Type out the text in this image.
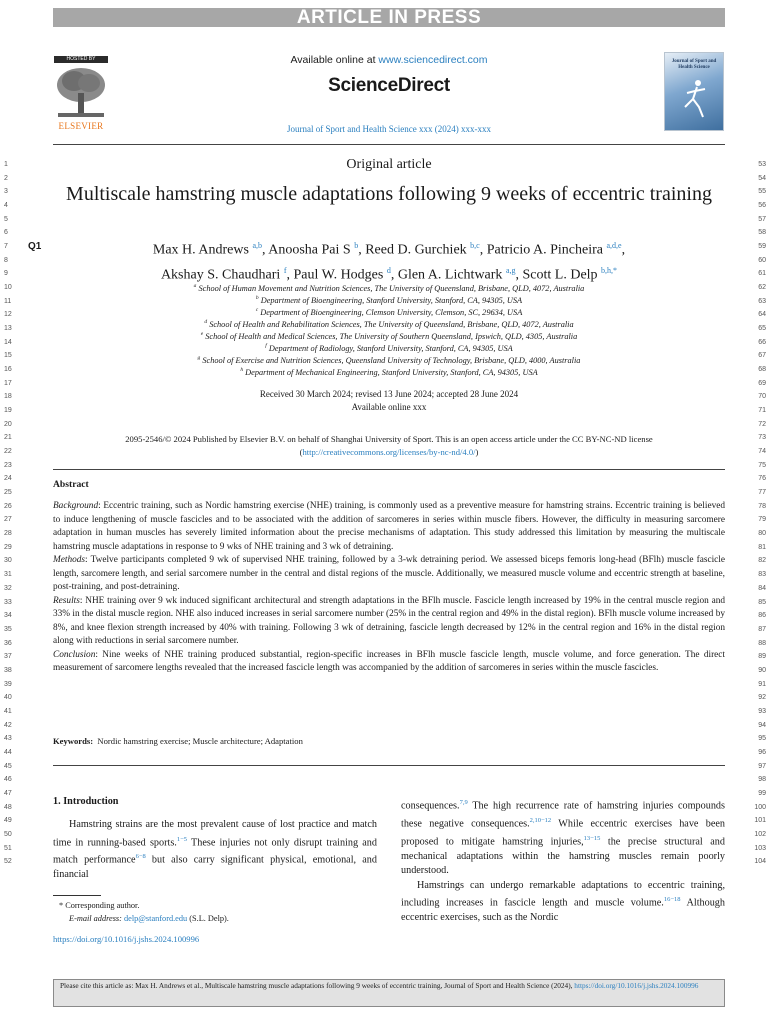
ARTICLE IN PRESS
HOSTED BY
ELSEVIER
Available online at www.sciencedirect.com
ScienceDirect
Journal of Sport and Health Science xxx (2024) xxx-xxx
Journal of Sport and Health Science
1
2
3
4
5
6
7
8
9
10
11
12
13
14
15
16
17
18
19
20
21
22
23
24
25
26
27
28
29
30
31
32
33
34
35
36
37
38
39
40
41
42
43
44
45
46
47
48
49
50
51
52
53
54
55
56
57
58
59
60
61
62
63
64
65
66
67
68
69
70
71
72
73
74
75
76
77
78
79
80
81
82
83
84
85
86
87
88
89
90
91
92
93
94
95
96
97
98
99
100
101
102
103
104
Q1
Original article
Multiscale hamstring muscle adaptations following 9 weeks of eccentric training
Max H. Andrews $^{a,b}$, Anoosha Pai S $^b$, Reed D. Gurchiek $^{b,c}$, Patricio A. Pincheira $^{a,d,e}$,
Akshay S. Chaudhari $^f$, Paul W. Hodges $^d$, Glen A. Lichtwark $^{a,g}$, Scott L. Delp $^{b,h,*}$
$^a$ School of Human Movement and Nutrition Sciences, The University of Queensland, Brisbane, QLD, 4072, Australia
$^b$ Department of Bioengineering, Stanford University, Stanford, CA, 94305, USA
$^c$ Department of Bioengineering, Clemson University, Clemson, SC, 29634, USA
$^d$ School of Health and Rehabilitation Sciences, The University of Queensland, Brisbane, QLD, 4072, Australia
$^e$ School of Health and Medical Sciences, The University of Southern Queensland, Ipswich, QLD, 4305, Australia
$^f$ Department of Radiology, Stanford University, Stanford, CA, 94305, USA
$^g$ School of Exercise and Nutrition Sciences, Queensland University of Technology, Brisbane, QLD, 4000, Australia
$^h$ Department of Mechanical Engineering, Stanford University, Stanford, CA, 94305, USA
Received 30 March 2024; revised 13 June 2024; accepted 28 June 2024
Available online xxx
2095-2546/© 2024 Published by Elsevier B.V. on behalf of Shanghai University of Sport. This is an open access article under the CC BY-NC-ND license
(http://creativecommons.org/licenses/by-nc-nd/4.0/)
Abstract

Background: Eccentric training, such as Nordic hamstring exercise (NHE) training, is commonly used as a preventive measure for hamstring strains. Eccentric training is believed to induce lengthening of muscle fascicles and to be associated with the addition of sarcomeres in series within muscle fibers. However, the difficulty in measuring sarcomere adaptation in human muscles has severely limited information about the precise mechanisms of adaptation. This study addressed this limitation by measuring the multiscale hamstring muscle adaptations in response to 9 wks of NHE training and 3 wk of detraining.

Methods: Twelve participants completed 9 wk of supervised NHE training, followed by a 3-wk detraining period. We assessed biceps femoris long-head (BFlh) muscle fascicle length, sarcomere length, and serial sarcomere number in the central and distal regions of the muscle. Additionally, we measured muscle volume and eccentric strength at baseline, post-training, and post-detraining.

Results: NHE training over 9 wk induced significant architectural and strength adaptations in the BFlh muscle. Fascicle length increased by 19% in the central muscle region and 33% in the distal muscle region. NHE also induced increases in serial sarcomere number (25% in the central region and 49% in the distal region). BFlh muscle volume increased by 8%, and knee flexion strength increased by 40% with training. Following 3 wk of detraining, fascicle length decreased by 12% in the central region and 16% in the distal region along with reductions in serial sarcomere number.

Conclusion: Nine weeks of NHE training produced substantial, region-specific increases in BFlh muscle fascicle length, muscle volume, and force generation. The direct measurement of sarcomere lengths revealed that the increased fascicle length was accompanied by the addition of sarcomeres in series within the muscle fascicles.

Keywords: Nordic hamstring exercise; Muscle architecture; Adaptation
1. Introduction

Hamstring strains are the most prevalent cause of lost practice and match time in running-based sports.$^{1-5}$ These injuries not only disrupt training and match performance$^{6-8}$ but also carry significant physical, emotional, and financial

consequences.$^{7,9}$ The high recurrence rate of hamstring injuries compounds these negative consequences.$^{2,10-12}$ While eccentric exercises have been proposed to mitigate hamstring injuries,$^{13-15}$ the precise structural and mechanical adaptations within the hamstring muscles remain poorly understood.

Hamstrings can undergo remarkable adaptations to eccentric training, including increases in fascicle length and muscle volume.$^{16-18}$ Although eccentric exercises, such as the Nordic

* Corresponding author.
E-mail address: delp@stanford.edu (S.L. Delp).
https://doi.org/10.1016/j.jshs.2024.100996
Please cite this article as: Max H. Andrews et al., Multiscale hamstring muscle adaptations following 9 weeks of eccentric training, Journal of Sport and Health Science (2024), https://doi.org/10.1016/j.jshs.2024.100996
